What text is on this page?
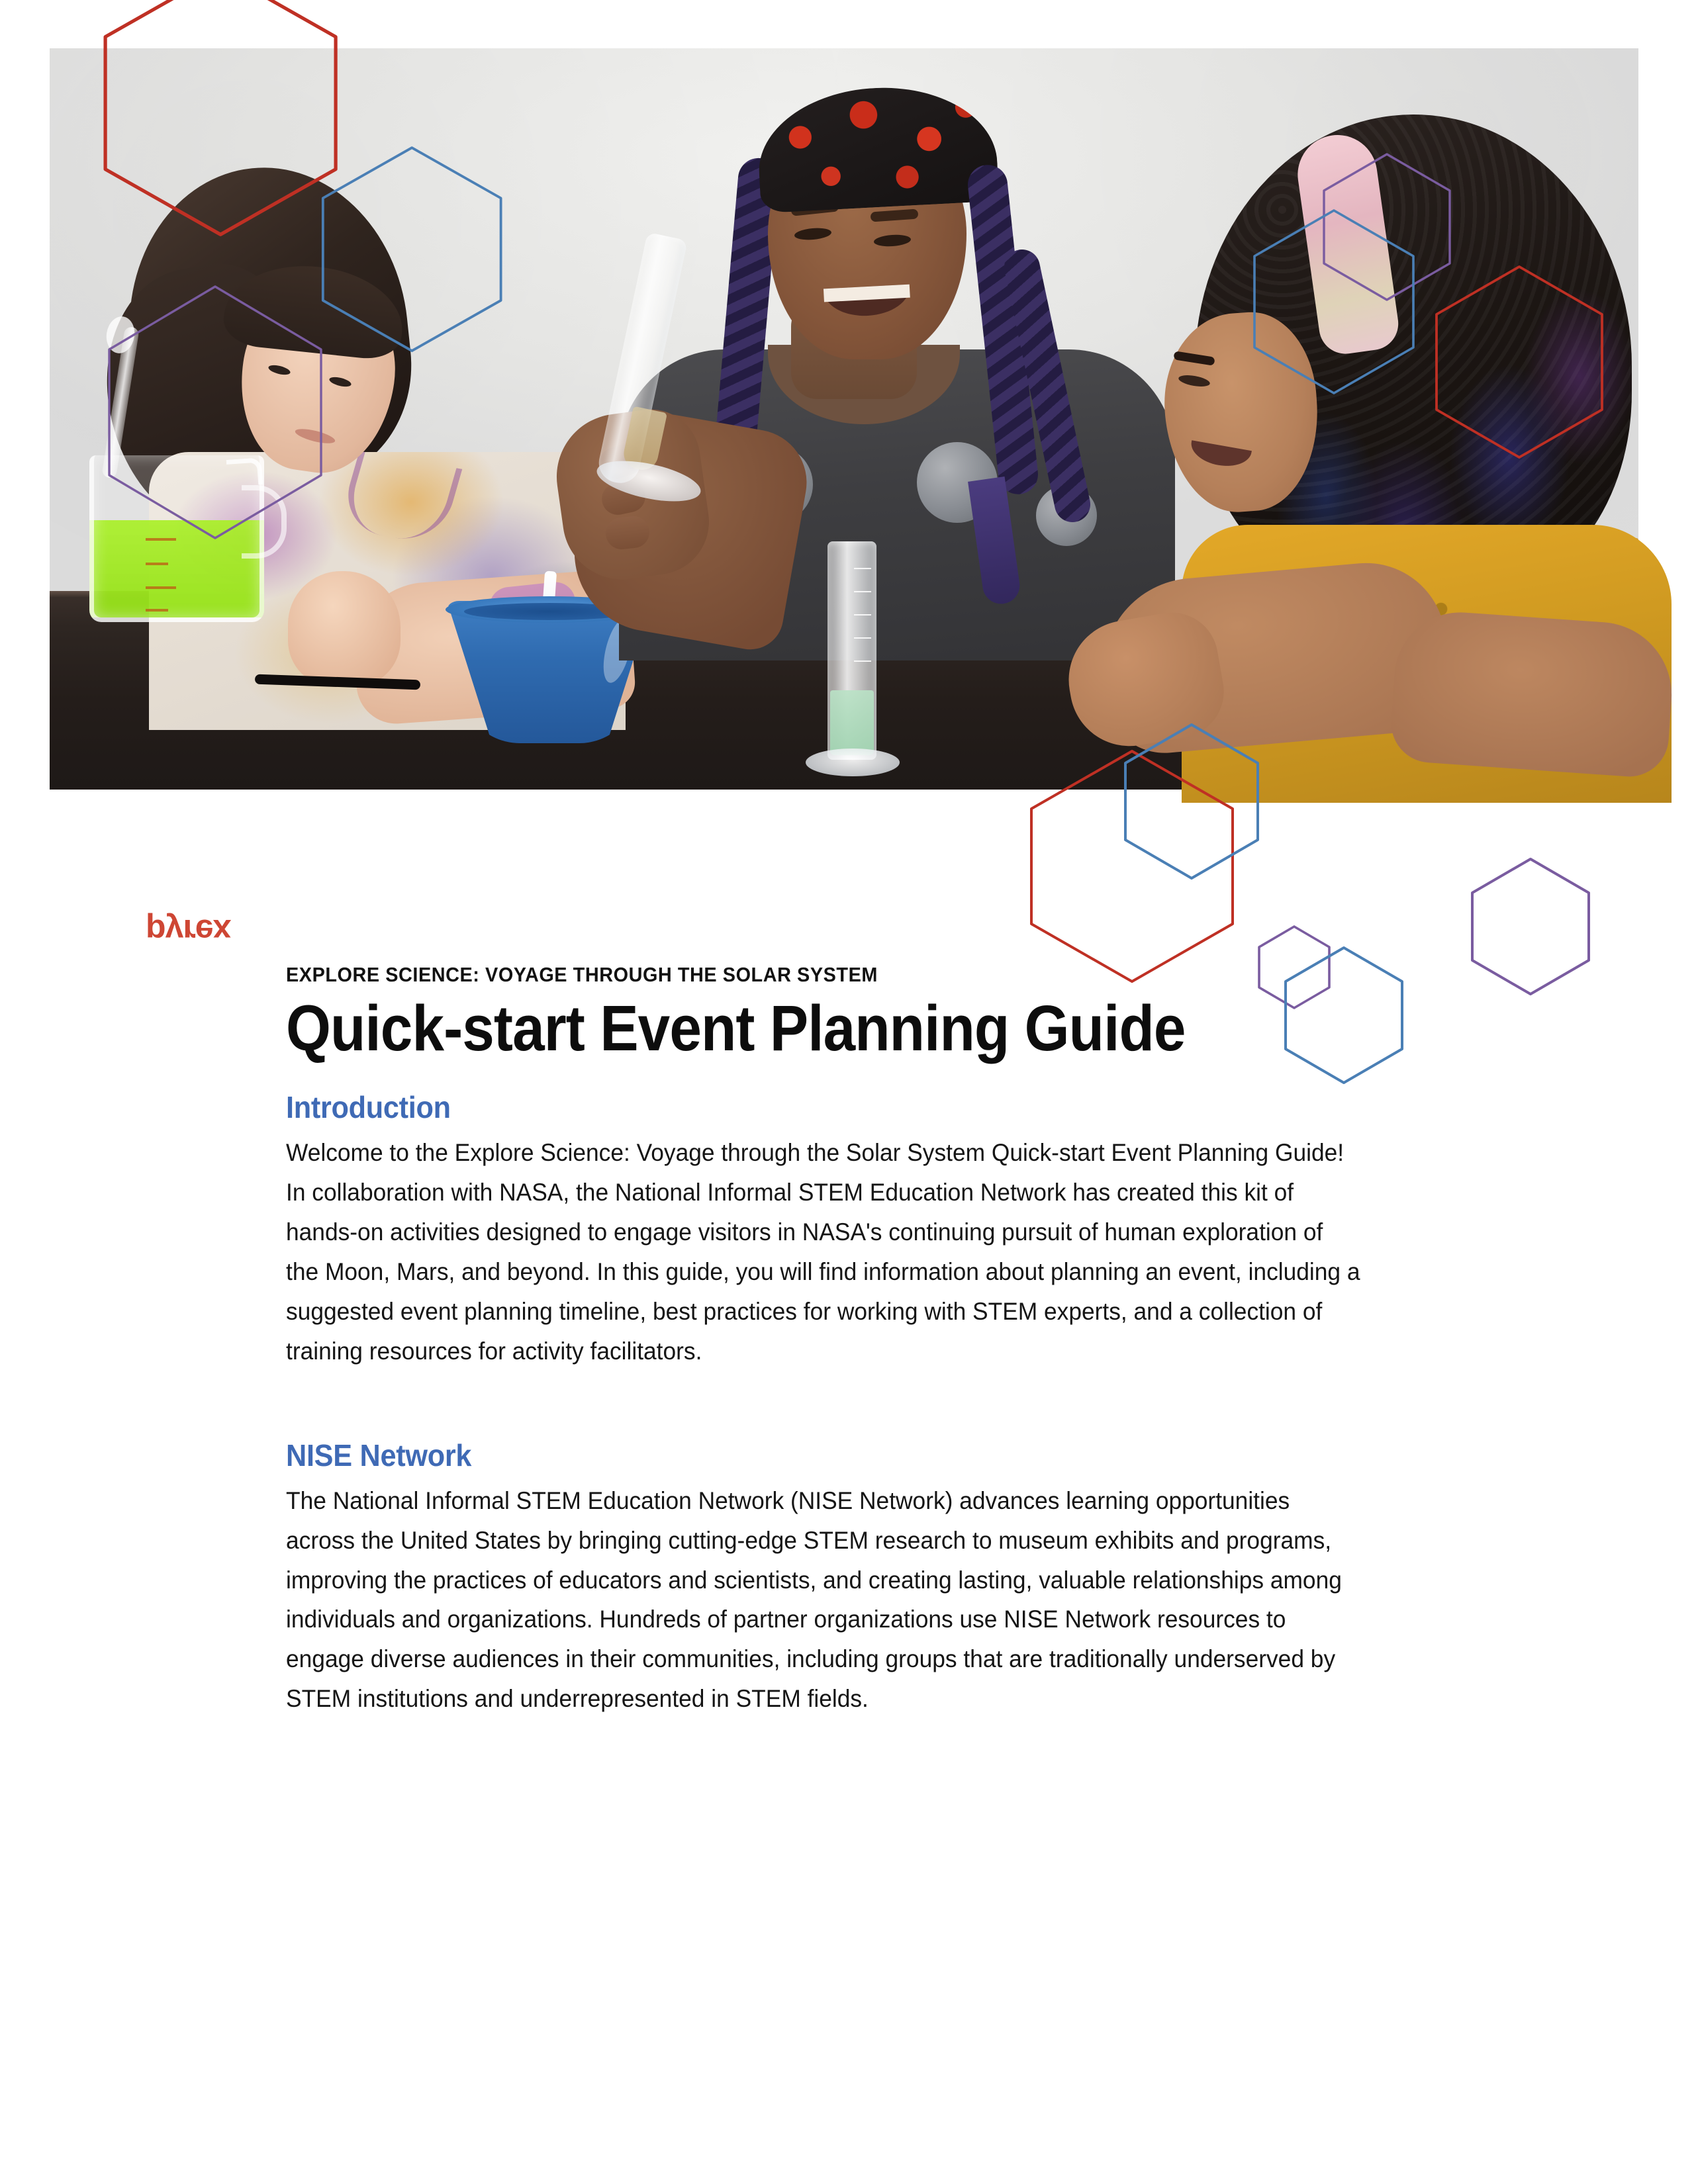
pyrex
EXPLORE SCIENCE: VOYAGE THROUGH THE SOLAR SYSTEM
Quick-start Event Planning Guide
Introduction

Welcome to the Explore Science: Voyage through the Solar System Quick-start Event Planning Guide! In collaboration with NASA, the National Informal STEM Education Network has created this kit of hands-on activities designed to engage visitors in NASA's continuing pursuit of human exploration of the Moon, Mars, and beyond. In this guide, you will find information about planning an event, including a suggested event planning timeline, best practices for working with STEM experts, and a collection of training resources for activity facilitators.

NISE Network

The National Informal STEM Education Network (NISE Network) advances learning opportunities across the United States by bringing cutting-edge STEM research to museum exhibits and programs, improving the practices of educators and scientists, and creating lasting, valuable relationships among individuals and organizations. Hundreds of partner organizations use NISE Network resources to engage diverse audiences in their communities, including groups that are traditionally underserved by STEM institutions and underrepresented in STEM fields.
